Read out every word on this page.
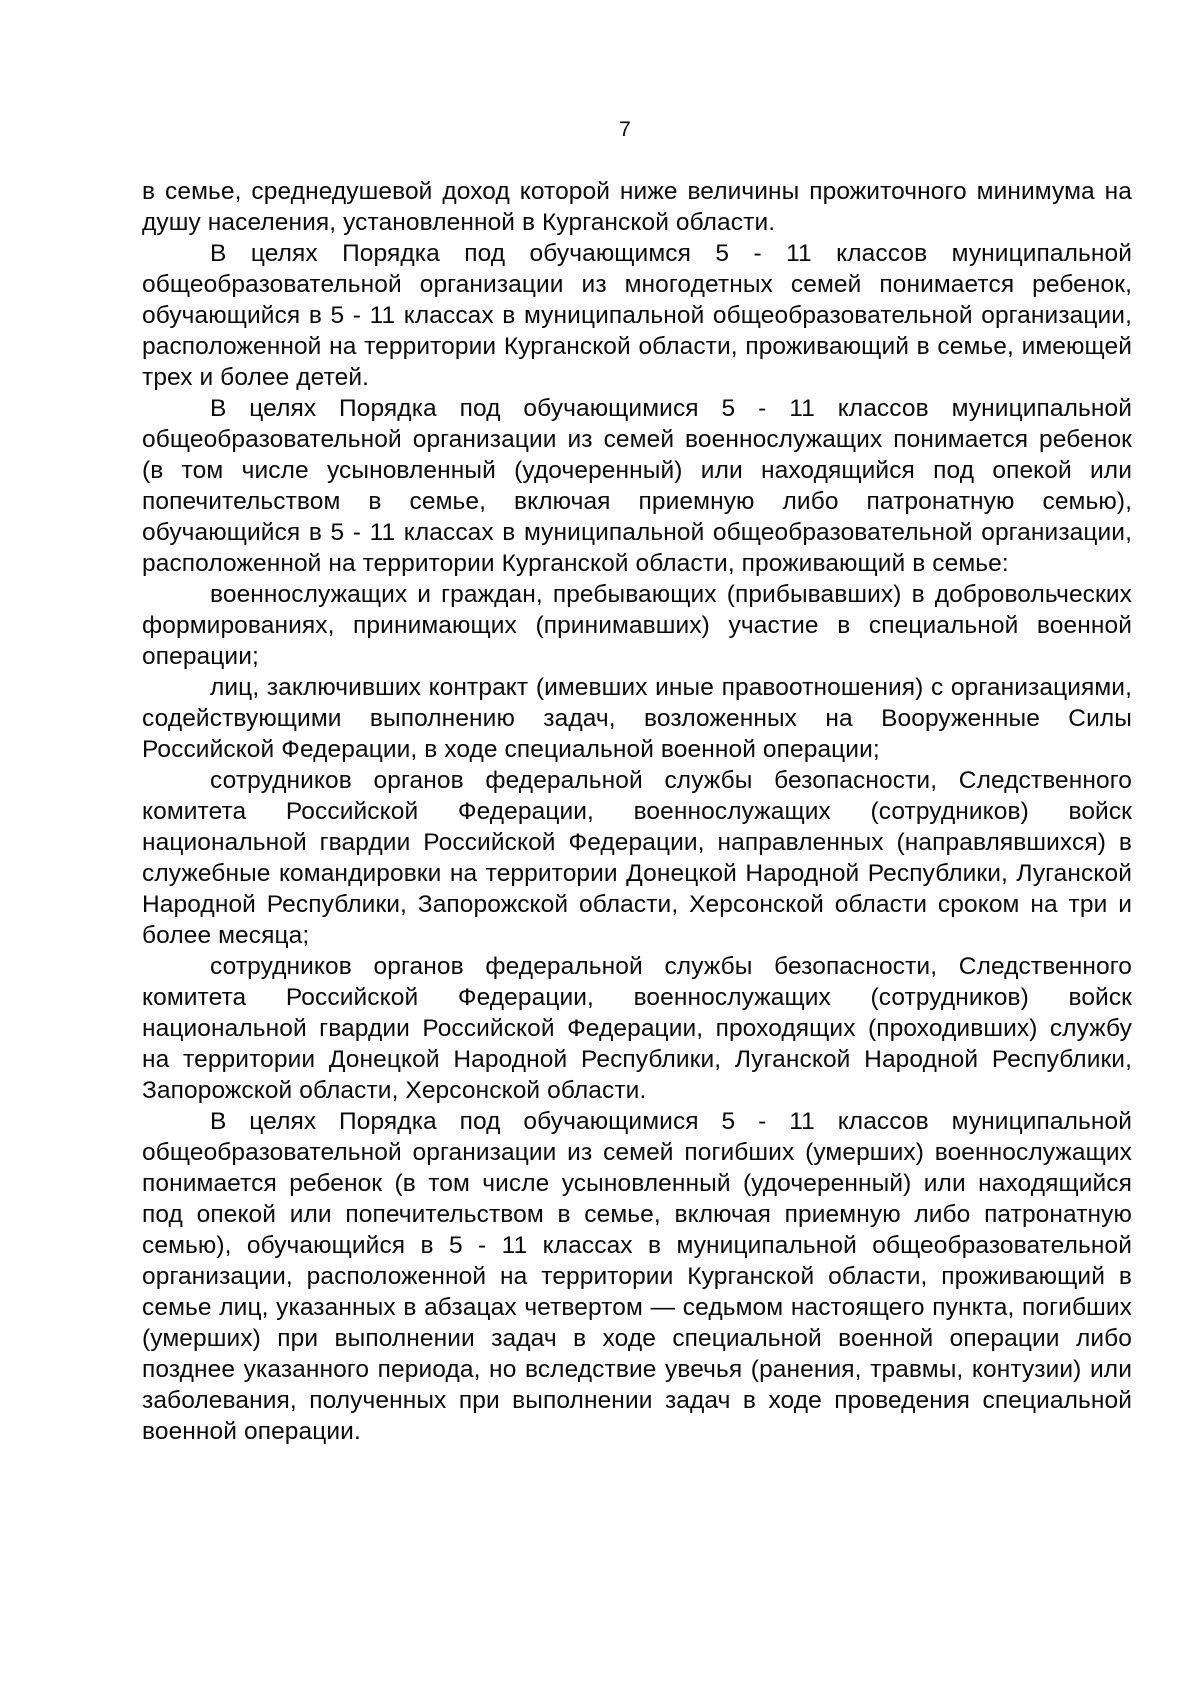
7

в семье, среднедушевой доход которой ниже величины прожиточного минимума на душу населения, установленной в Курганской области.

В целях Порядка под обучающимся 5 - 11 классов муниципальной общеобразовательной организации из многодетных семей понимается ребенок, обучающийся в 5 - 11 классах в муниципальной общеобразовательной организации, расположенной на территории Курганской области, проживающий в семье, имеющей трех и более детей.

В целях Порядка под обучающимися 5 - 11 классов муниципальной общеобразовательной организации из семей военнослужащих понимается ребенок (в том числе усыновленный (удочеренный) или находящийся под опекой или попечительством в семье, включая приемную либо патронатную семью), обучающийся в 5 - 11 классах в муниципальной общеобразовательной организации, расположенной на территории Курганской области, проживающий в семье:

военнослужащих и граждан, пребывающих (прибывавших) в добровольческих формированиях, принимающих (принимавших) участие в специальной военной операции;

лиц, заключивших контракт (имевших иные правоотношения) с организациями, содействующими выполнению задач, возложенных на Вооруженные Силы Российской Федерации, в ходе специальной военной операции;

сотрудников органов федеральной службы безопасности, Следственного комитета Российской Федерации, военнослужащих (сотрудников) войск национальной гвардии Российской Федерации, направленных (направлявшихся) в служебные командировки на территории Донецкой Народной Республики, Луганской Народной Республики, Запорожской области, Херсонской области сроком на три и более месяца;

сотрудников органов федеральной службы безопасности, Следственного комитета Российской Федерации, военнослужащих (сотрудников) войск национальной гвардии Российской Федерации, проходящих (проходивших) службу на территории Донецкой Народной Республики, Луганской Народной Республики, Запорожской области, Херсонской области.

В целях Порядка под обучающимися 5 - 11 классов муниципальной общеобразовательной организации из семей погибших (умерших) военнослужащих понимается ребенок (в том числе усыновленный (удочеренный) или находящийся под опекой или попечительством в семье, включая приемную либо патронатную семью), обучающийся в 5 - 11 классах в муниципальной общеобразовательной организации, расположенной на территории Курганской области, проживающий в семье лиц, указанных в абзацах четвертом — седьмом настоящего пункта, погибших (умерших) при выполнении задач в ходе специальной военной операции либо позднее указанного периода, но вследствие увечья (ранения, травмы, контузии) или заболевания, полученных при выполнении задач в ходе проведения специальной военной операции.
